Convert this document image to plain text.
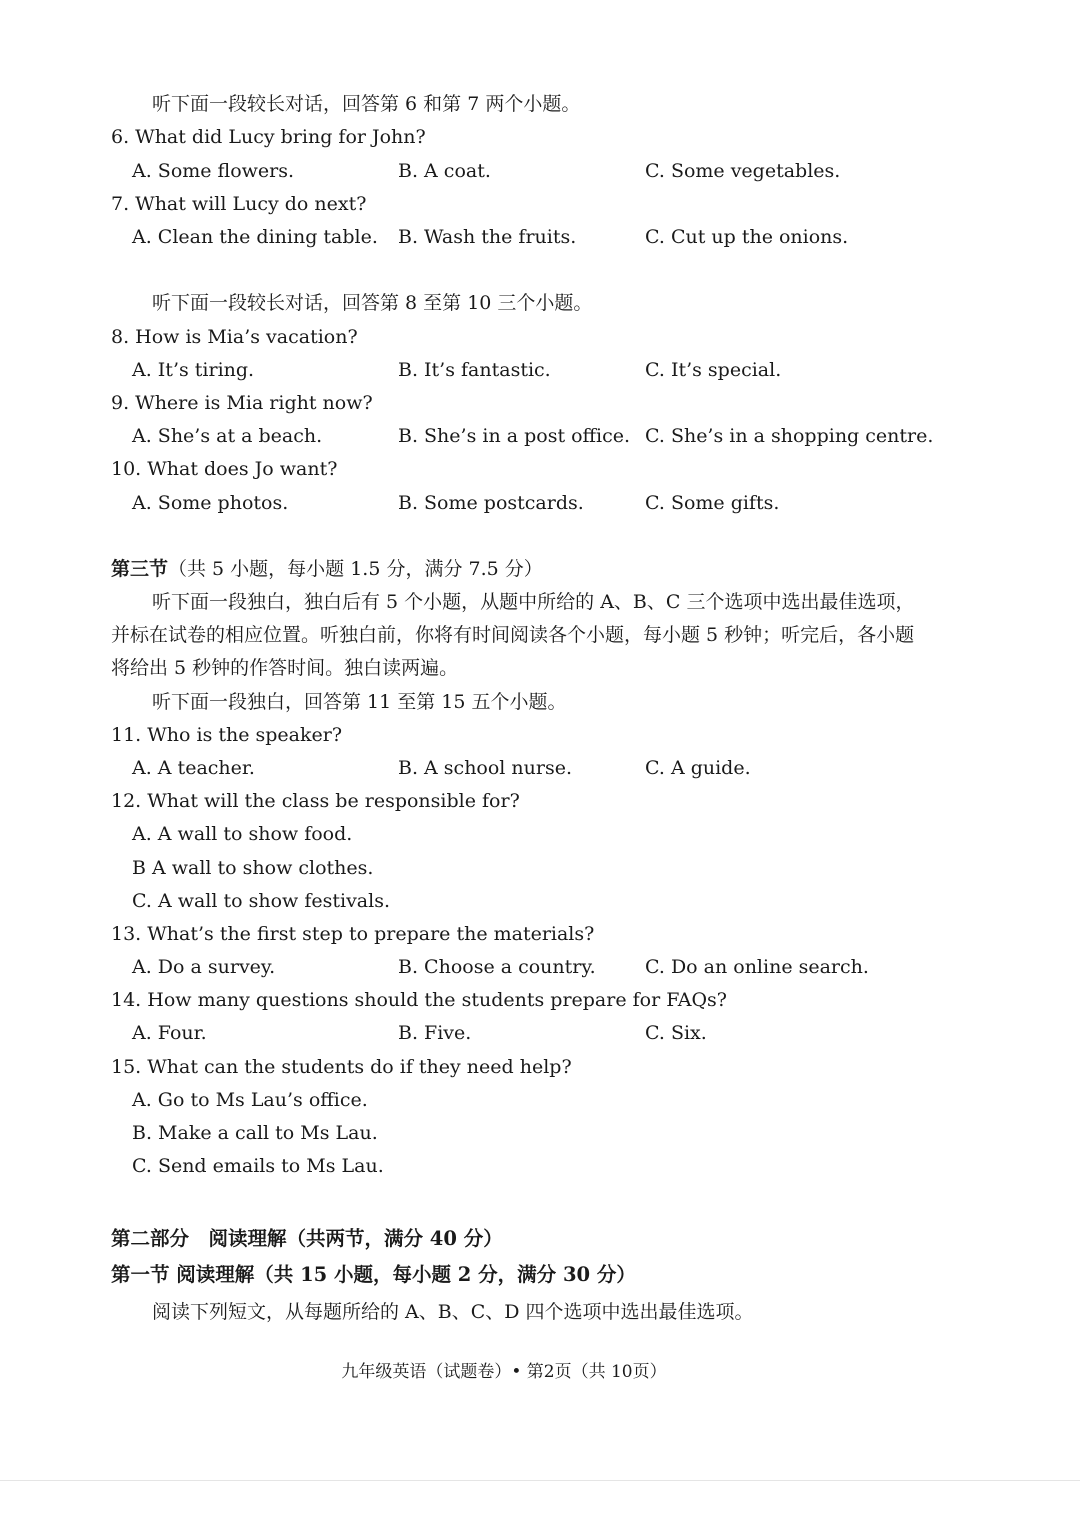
听下面一段较长对话，回答第 6 和第 7 两个小题。
6. What did Lucy bring for John?
A. Some flowers.	B. A coat.	C. Some vegetables.
7. What will Lucy do next?
A. Clean the dining table. B. Wash the fruits.	C. Cut up the onions.
听下面一段较长对话，回答第 8 至第 10 三个小题。
8. How is Mia’s vacation?
A. It’s tiring.	B. It’s fantastic.	C. It’s special.
9. Where is Mia right now?
A. She’s at a beach.	B. She’s in a post office. C. She’s in a shopping centre.
10. What does Jo want?
A. Some photos.	B. Some postcards.	C. Some gifts.
第三节（共 5 小题，每小题 1.5 分，满分 7.5 分）
听下面一段独白，独白后有 5 个小题，从题中所给的 A、B、C 三个选项中选出最佳选项，
并标在试卷的相应位置。听独白前，你将有时间阅读各个小题，每小题 5 秒钟；听完后，各小题
将给出 5 秒钟的作答时间。独白读两遍。
听下面一段独白，回答第 11 至第 15 五个小题。
11. Who is the speaker?
A. A teacher.	B. A school nurse.	C. A guide.
12. What will the class be responsible for?
A. A wall to show food.
B A wall to show clothes.
C. A wall to show festivals.
13. What’s the first step to prepare the materials?
A. Do a survey.	B. Choose a country.	C. Do an online search.
14. How many questions should the students prepare for FAQs?
A. Four.	B. Five.	C. Six.
15. What can the students do if they need help?
A. Go to Ms Lau’s office.
B. Make a call to Ms Lau.
C. Send emails to Ms Lau.
第二部分　阅读理解（共两节，满分 40 分）
第一节 阅读理解（共 15 小题，每小题 2 分，满分 30 分）
阅读下列短文，从每题所给的 A、B、C、D 四个选项中选出最佳选项。
九年级英语（试题卷）• 第2页（共 10页）
